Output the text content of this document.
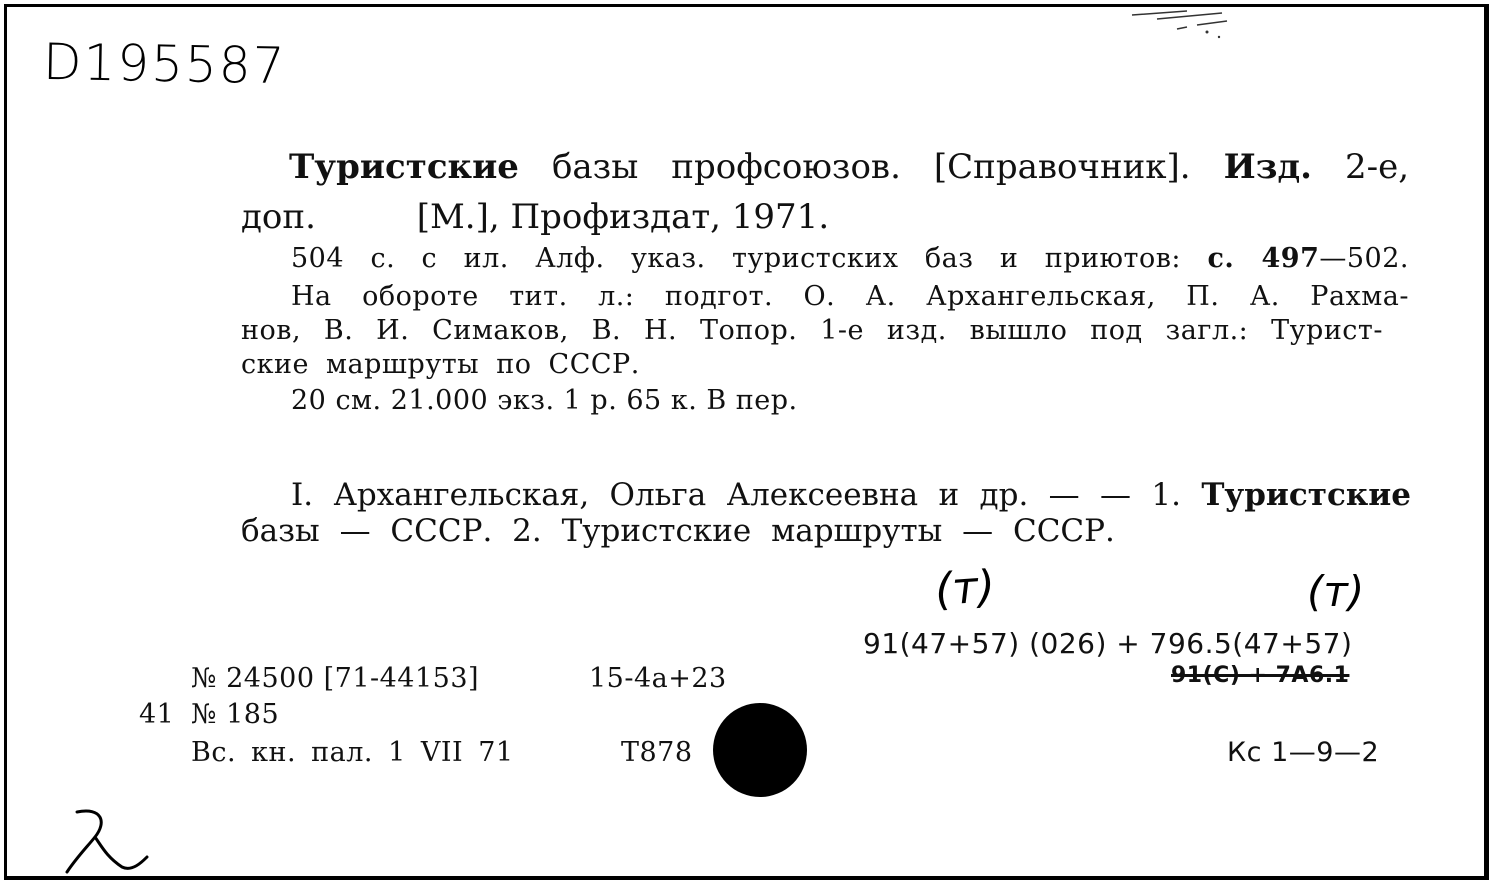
D195587
Туристские базы профсоюзов. [Справочник]. Изд. 2-е,
доп.	[М.], Профиздат, 1971.
504 с. с ил. Алф. указ. туристских баз и приютов: с. 497—502.
На обороте тит. л.: подгот. О. А. Архангельская, П. А. Рахма-
нов, В. И. Симаков, В. Н. Топор. 1-е изд. вышло под загл.: Турист-
ские маршруты по СССР.
20 см. 21.000 экз. 1 р. 65 к. В пер.
I. Архангельская, Ольга Алексеевна и др. — — 1. Туристские
базы — СССР. 2. Туристские маршруты — СССР.
(т)	(т)
91(47+57) (026) + 796.5(47+57)
91(С) + 7А6.1
№ 24500 [71-44153]	15-4а+23
41 № 185
Вс. кн. пал. 1 VII 71	Т878	Кс 1—9—2
